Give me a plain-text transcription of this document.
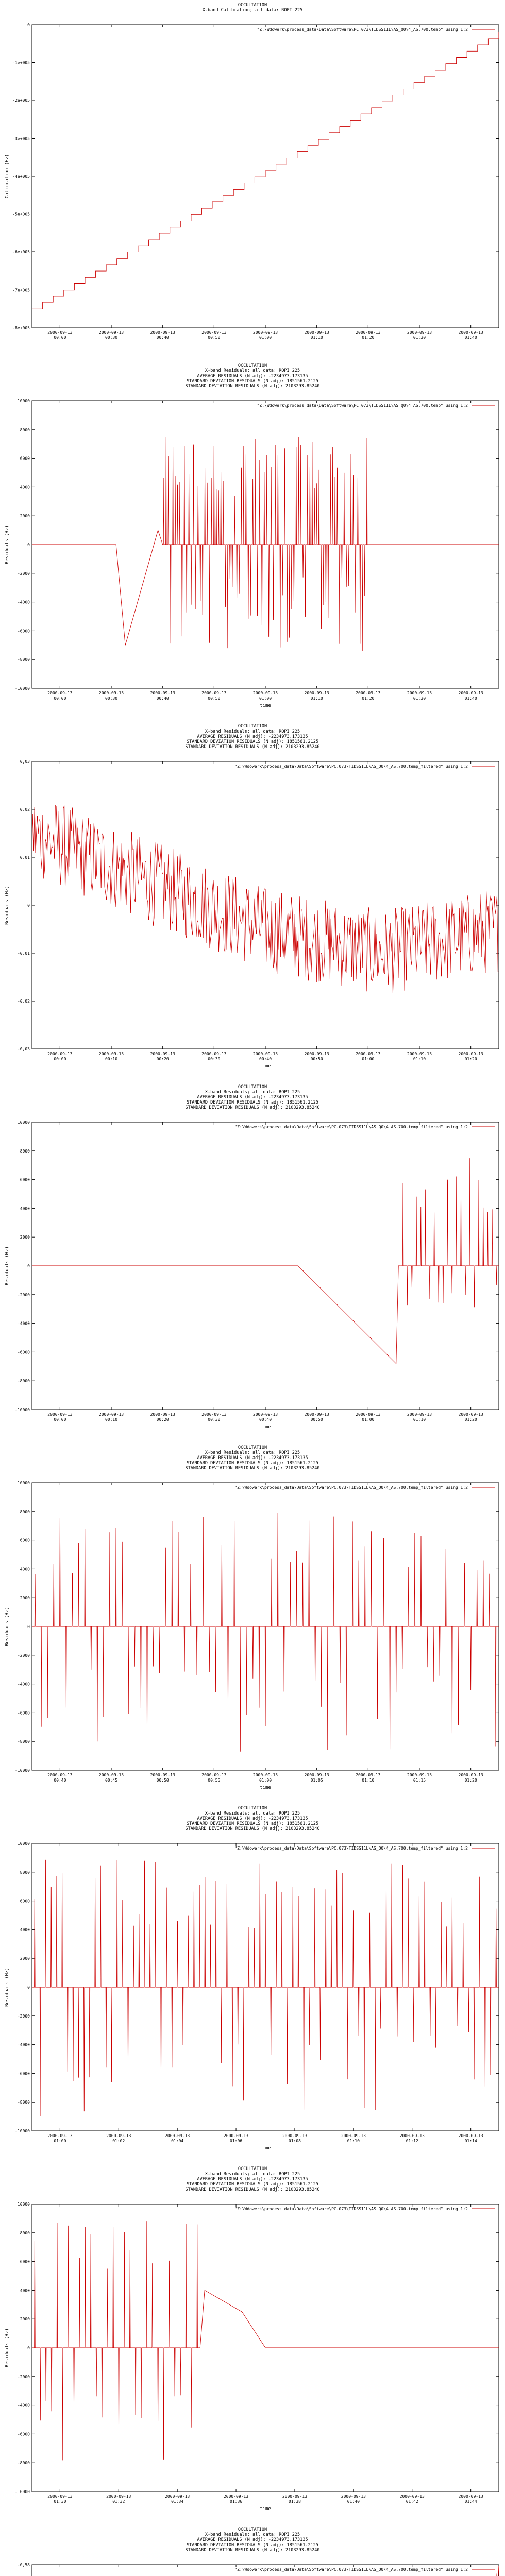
OCCULTATION
X-band Calibration; all data: ROPI 225
"Z:\Wdowerk\process_data\Data\Software\PC.073\TIDSS11L\AS_Q0\4_AS.700.temp" using 1:2
-8e+005
-7e+005
-6e+005
-5e+005
-4e+005
-3e+005
-2e+005
-1e+005
0
2000-09-13
00:00
2000-09-13
00:30
2000-09-13
00:40
2000-09-13
00:50
2000-09-13
01:00
2000-09-13
01:10
2000-09-13
01:20
2000-09-13
01:30
2000-09-13
01:40
Calibration (Hz)
OCCULTATION
X-band Residuals; all data: ROPI 225
AVERAGE RESIDUALS (N adj): -2234973.173135
STANDARD DEVIATION RESIDUALS (N adj): 1851561.2125
STANDARD DEVIATION RESIDUALS (N adj): 2103293.85240
"Z:\Wdowerk\process_data\Data\Software\PC.073\TIDSS11L\AS_Q0\4_AS.700.temp" using 1:2
-10000
-8000
-6000
-4000
-2000
0
2000
4000
6000
8000
10000
2000-09-13
00:00
2000-09-13
00:30
2000-09-13
00:40
2000-09-13
00:50
2000-09-13
01:00
2000-09-13
01:10
2000-09-13
01:20
2000-09-13
01:30
2000-09-13
01:40
time
Residuals (Hz)
OCCULTATION
X-band Residuals; all data: ROPI 225
AVERAGE RESIDUALS (N adj): -2234973.173135
STANDARD DEVIATION RESIDUALS (N adj): 1851561.2125
STANDARD DEVIATION RESIDUALS (N adj): 2103293.85240
"Z:\Wdowerk\process_data\Data\Software\PC.073\TIDSS11L\AS_Q0\4_AS.700.temp_filtered" using 1:2
-0,03
-0,02
-0,01
0
0,01
0,02
0,03
2000-09-13
00:00
2000-09-13
00:10
2000-09-13
00:20
2000-09-13
00:30
2000-09-13
00:40
2000-09-13
00:50
2000-09-13
01:00
2000-09-13
01:10
2000-09-13
01:20
time
Residuals (Hz)
OCCULTATION
X-band Residuals; all data: ROPI 225
AVERAGE RESIDUALS (N adj): -2234973.173135
STANDARD DEVIATION RESIDUALS (N adj): 1851561.2125
STANDARD DEVIATION RESIDUALS (N adj): 2103293.85240
"Z:\Wdowerk\process_data\Data\Software\PC.073\TIDSS11L\AS_Q0\4_AS.700.temp_filtered" using 1:2
-10000
-8000
-6000
-4000
-2000
0
2000
4000
6000
8000
10000
2000-09-13
00:00
2000-09-13
00:10
2000-09-13
00:20
2000-09-13
00:30
2000-09-13
00:40
2000-09-13
00:50
2000-09-13
01:00
2000-09-13
01:10
2000-09-13
01:20
time
Residuals (Hz)
OCCULTATION
X-band Residuals; all data: ROPI 225
AVERAGE RESIDUALS (N adj): -2234973.173135
STANDARD DEVIATION RESIDUALS (N adj): 1851561.2125
STANDARD DEVIATION RESIDUALS (N adj): 2103293.85240
"Z:\Wdowerk\process_data\Data\Software\PC.073\TIDSS11L\AS_Q0\4_AS.700.temp_filtered" using 1:2
-10000
-8000
-6000
-4000
-2000
0
2000
4000
6000
8000
10000
2000-09-13
00:40
2000-09-13
00:45
2000-09-13
00:50
2000-09-13
00:55
2000-09-13
01:00
2000-09-13
01:05
2000-09-13
01:10
2000-09-13
01:15
2000-09-13
01:20
time
Residuals (Hz)
OCCULTATION
X-band Residuals; all data: ROPI 225
AVERAGE RESIDUALS (N adj): -2234973.173135
STANDARD DEVIATION RESIDUALS (N adj): 1851561.2125
STANDARD DEVIATION RESIDUALS (N adj): 2103293.85240
"Z:\Wdowerk\process_data\Data\Software\PC.073\TIDSS11L\AS_Q0\4_AS.700.temp_filtered" using 1:2
-10000
-8000
-6000
-4000
-2000
0
2000
4000
6000
8000
10000
2000-09-13
01:00
2000-09-13
01:02
2000-09-13
01:04
2000-09-13
01:06
2000-09-13
01:08
2000-09-13
01:10
2000-09-13
01:12
2000-09-13
01:14
time
Residuals (Hz)
OCCULTATION
X-band Residuals; all data: ROPI 225
AVERAGE RESIDUALS (N adj): -2234973.173135
STANDARD DEVIATION RESIDUALS (N adj): 1851561.2125
STANDARD DEVIATION RESIDUALS (N adj): 2103293.85240
"Z:\Wdowerk\process_data\Data\Software\PC.073\TIDSS11L\AS_Q0\4_AS.700.temp_filtered" using 1:2
-10000
-8000
-6000
-4000
-2000
0
2000
4000
6000
8000
10000
2000-09-13
01:30
2000-09-13
01:32
2000-09-13
01:34
2000-09-13
01:36
2000-09-13
01:38
2000-09-13
01:40
2000-09-13
01:42
2000-09-13
01:44
time
Residuals (Hz)
OCCULTATION
X-band Residuals; all data: ROPI 225
AVERAGE RESIDUALS (N adj): -2234973.173135
STANDARD DEVIATION RESIDUALS (N adj): 1851561.2125
STANDARD DEVIATION RESIDUALS (N adj): 2103293.85240
"Z:\Wdowerk\process_data\Data\Software\PC.073\TIDSS11L\AS_Q0\4_AS.700.temp_filtered" using 1:2
-0,58
